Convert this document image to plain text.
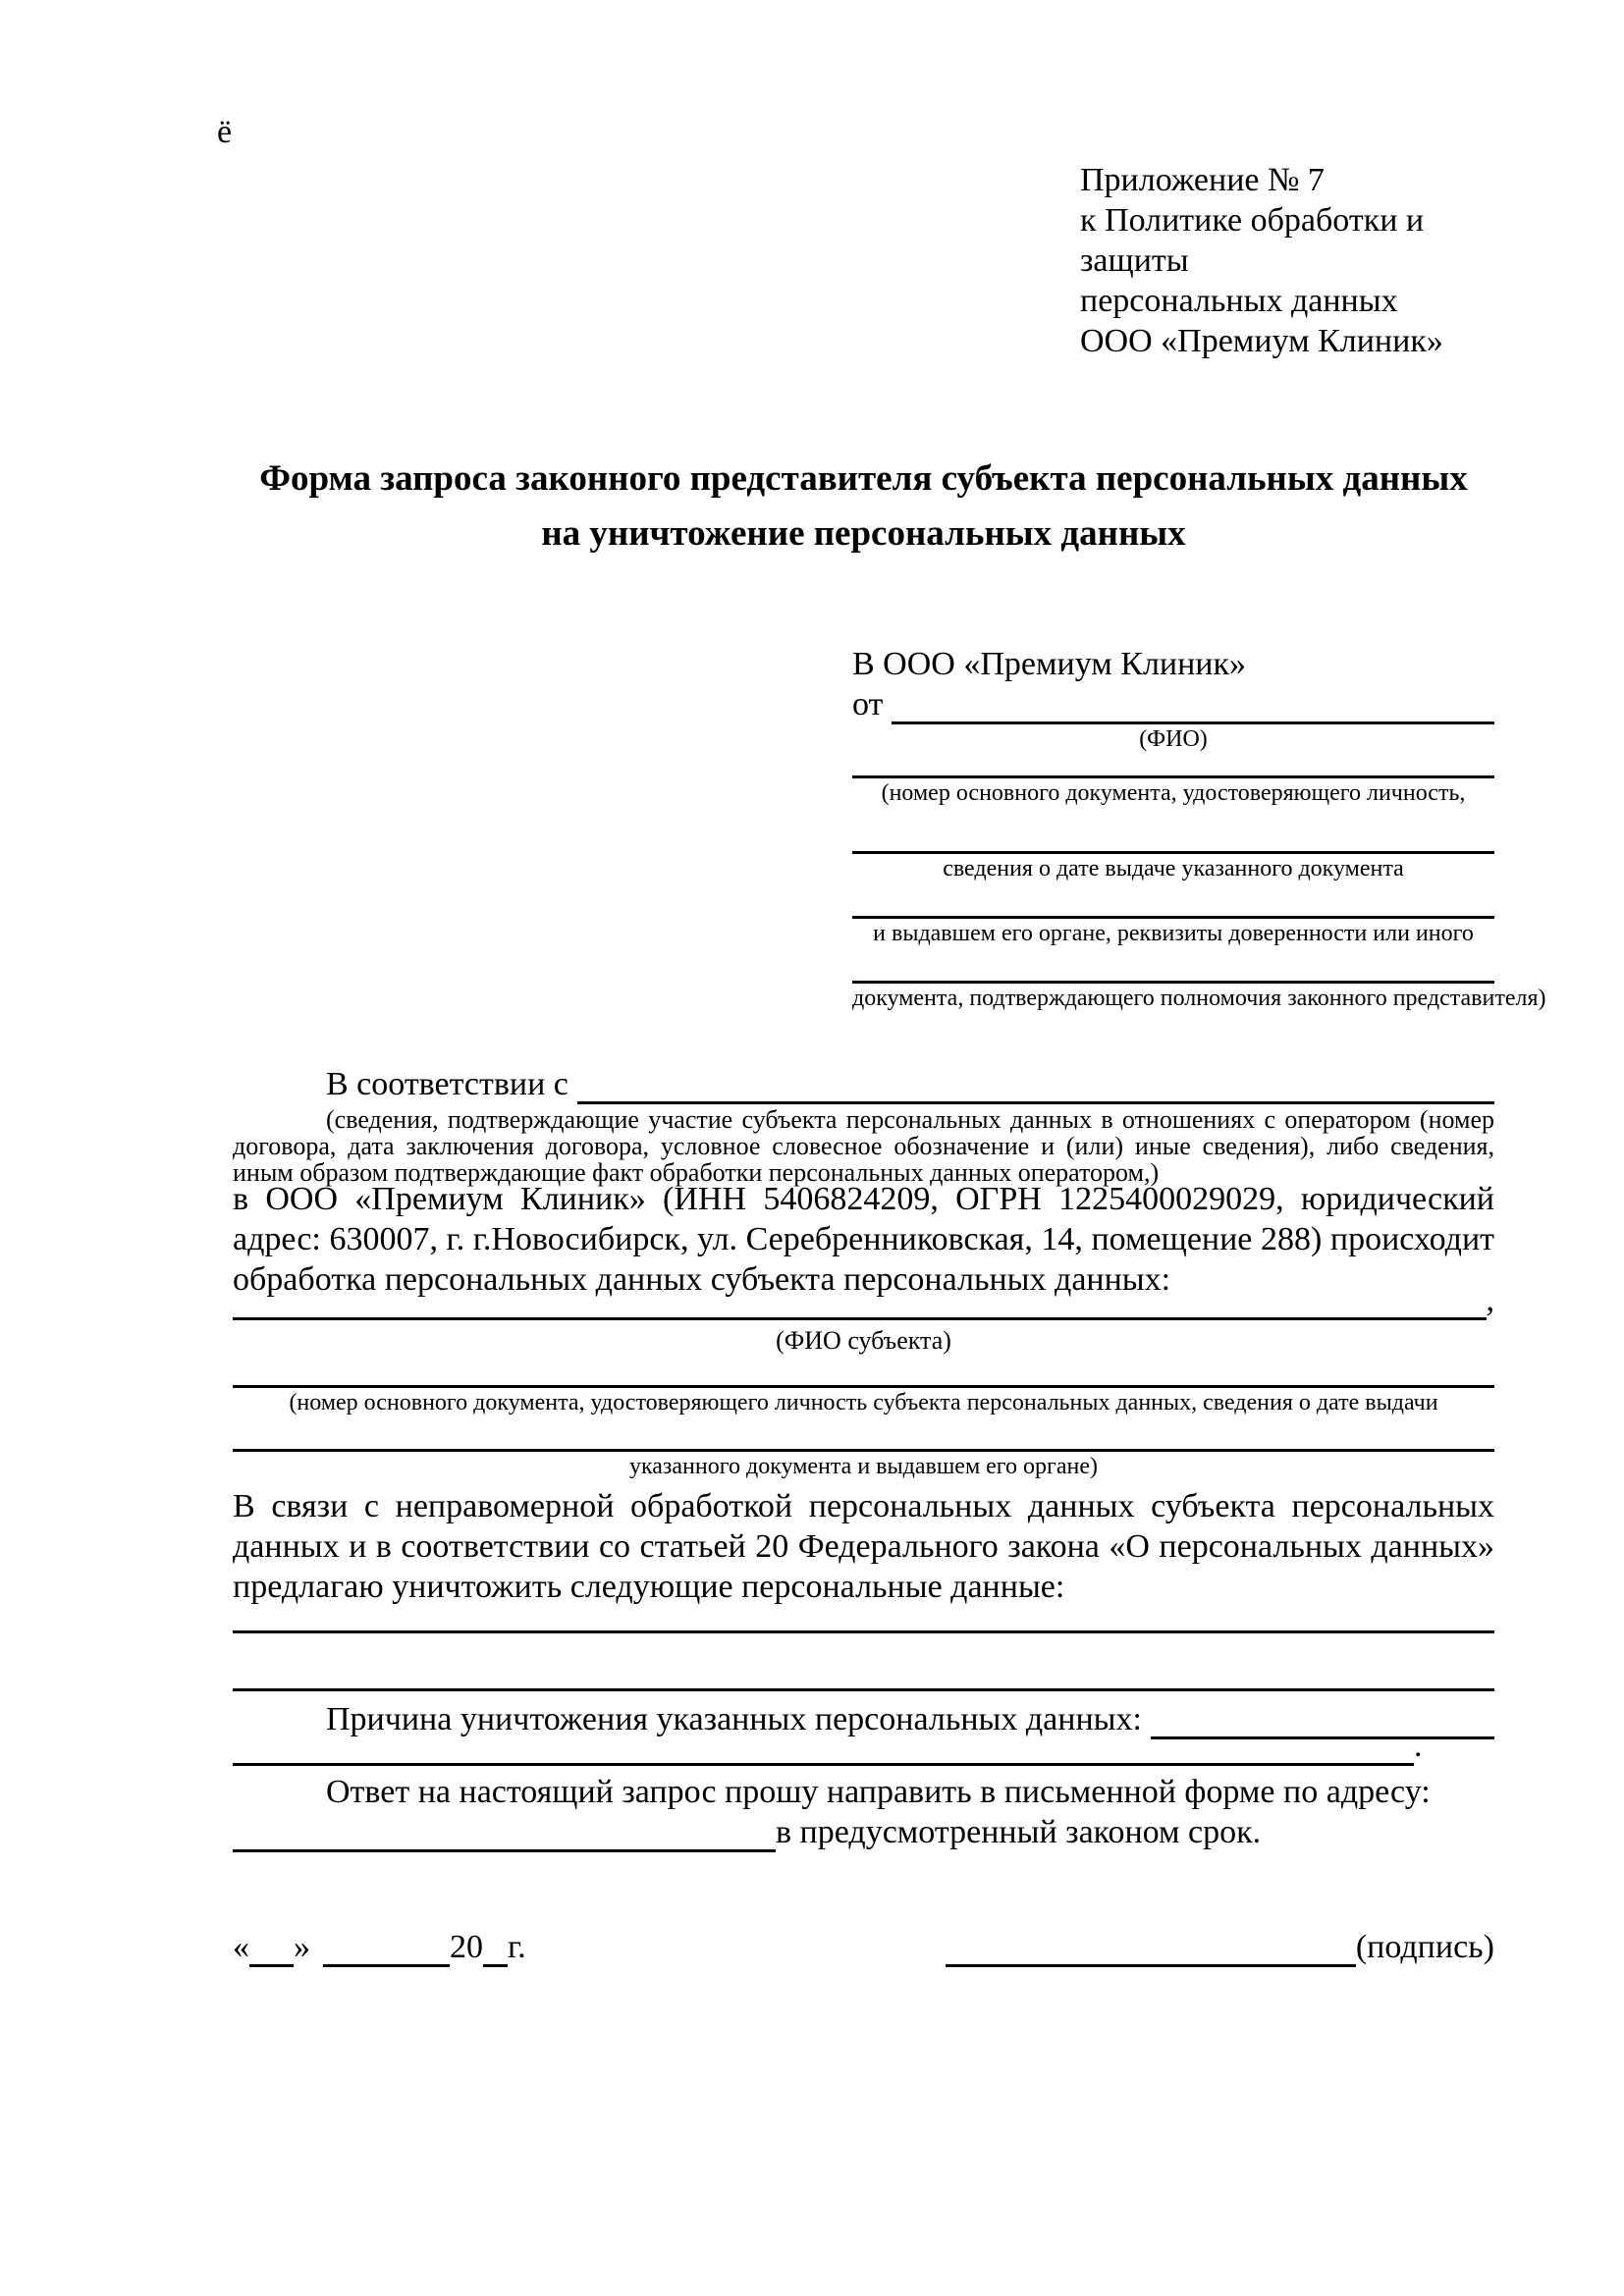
ё
Приложение № 7
к Политике обработки и защиты
персональных данных
ООО «Премиум Клиник»
Форма запроса законного представителя субъекта персональных данных
на уничтожение персональных данных
В ООО «Премиум Клиник»
от
(ФИО)
(номер основного документа, удостоверяющего личность,
сведения о дате выдаче указанного документа
и выдавшем его органе, реквизиты доверенности или иного
документа, подтверждающего полномочия законного представителя)
В соответствии с
(сведения, подтверждающие участие субъекта персональных данных в отношениях с оператором (номер договора, дата заключения договора, условное словесное обозначение и (или) иные сведения), либо сведения, иным образом подтверждающие факт обработки персональных данных оператором,)

в ООО «Премиум Клиник» (ИНН 5406824209, ОГРН 1225400029029, юридический адрес: 630007, г. г.Новосибирск, ул. Серебренниковская, 14, помещение 288) происходит обработка персональных данных субъекта персональных данных:

,
(ФИО субъекта)
(номер основного документа, удостоверяющего личность субъекта персональных данных, сведения о дате выдачи
указанного документа и выдавшем его органе)

В связи с неправомерной обработкой персональных данных субъекта персональных данных и в соответствии со статьей 20 Федерального закона «О персональных данных» предлагаю уничтожить следующие персональные данные:

Причина уничтожения указанных персональных данных:
.

Ответ на настоящий запрос прошу направить в письменной форме по адресу:

в предусмотренный законом срок.
« »	20 г.	(подпись)
